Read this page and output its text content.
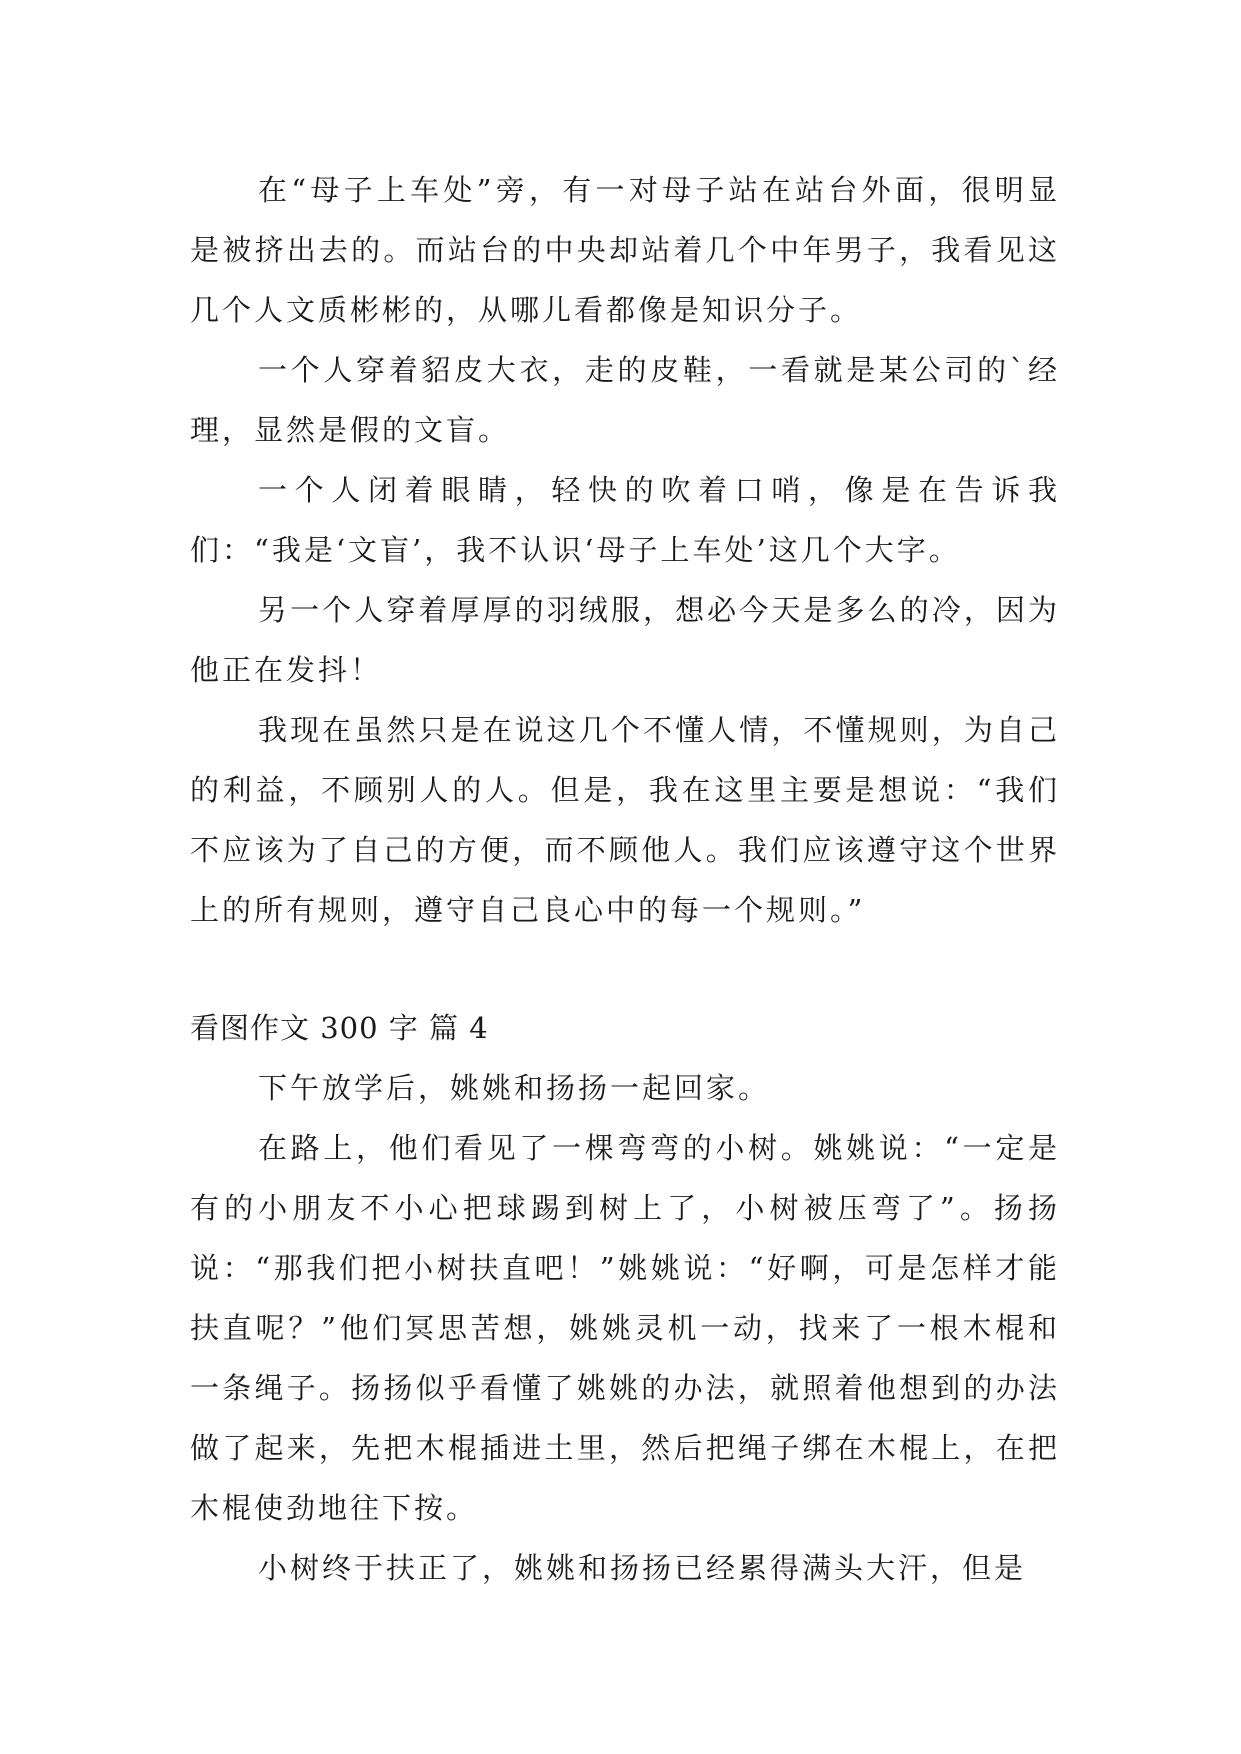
在“母子上车处”旁，有一对母子站在站台外面，很明显是被挤出去的。而站台的中央却站着几个中年男子，我看见这几个人文质彬彬的，从哪儿看都像是知识分子。

一个人穿着貂皮大衣，走的皮鞋，一看就是某公司的`经理，显然是假的文盲。

一个人闭着眼睛，轻快的吹着口哨，像是在告诉我们：“我是‘文盲’，我不认识‘母子上车处’这几个大字。

另一个人穿着厚厚的羽绒服，想必今天是多么的冷，因为他正在发抖！

我现在虽然只是在说这几个不懂人情，不懂规则，为自己的利益，不顾别人的人。但是，我在这里主要是想说：“我们不应该为了自己的方便，而不顾他人。我们应该遵守这个世界上的所有规则，遵守自己良心中的每一个规则。”

看图作文 300 字 篇 4

下午放学后，姚姚和扬扬一起回家。

在路上，他们看见了一棵弯弯的小树。姚姚说：“一定是有的小朋友不小心把球踢到树上了，小树被压弯了”。扬扬说：“那我们把小树扶直吧！”姚姚说：“好啊，可是怎样才能扶直呢？”他们冥思苦想，姚姚灵机一动，找来了一根木棍和一条绳子。扬扬似乎看懂了姚姚的办法，就照着他想到的办法做了起来，先把木棍插进土里，然后把绳子绑在木棍上，在把木棍使劲地往下按。

小树终于扶正了，姚姚和扬扬已经累得满头大汗，但是
